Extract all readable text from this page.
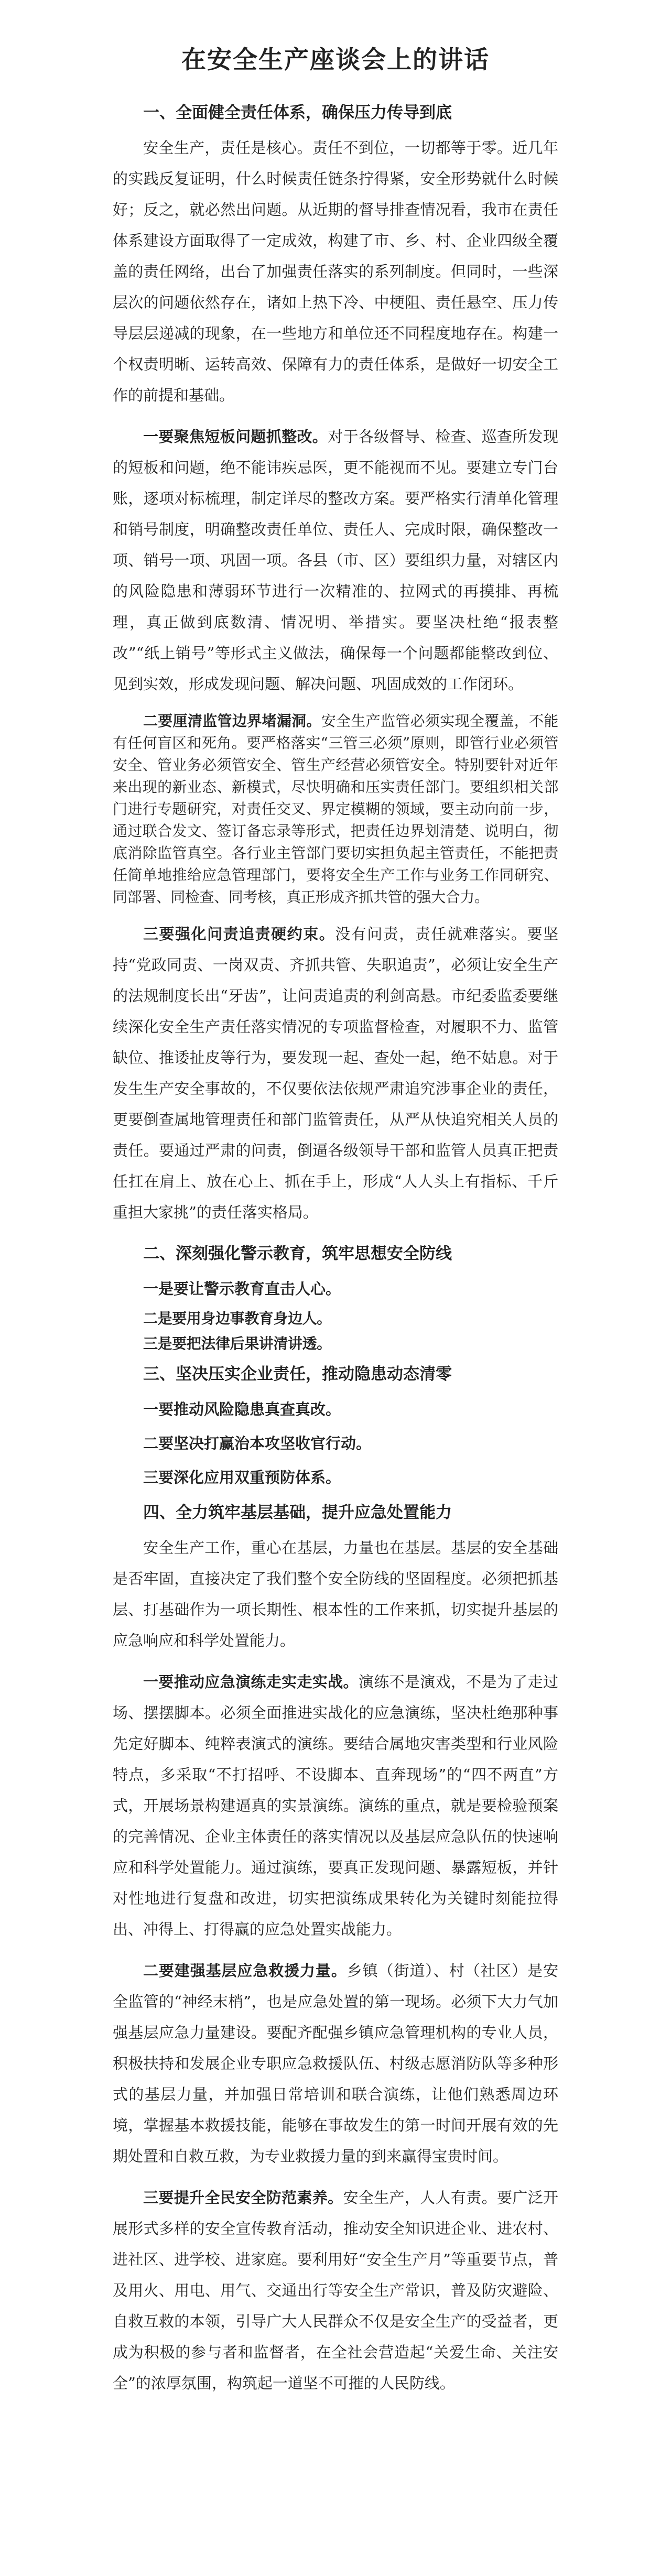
在安全生产座谈会上的讲话
一、全面健全责任体系，确保压力传导到底

安全生产，责任是核心。责任不到位，一切都等于零。近几年的实践反复证明，什么时候责任链条拧得紧，安全形势就什么时候好；反之，就必然出问题。从近期的督导排查情况看，我市在责任体系建设方面取得了一定成效，构建了市、乡、村、企业四级全覆盖的责任网络，出台了加强责任落实的系列制度。但同时，一些深层次的问题依然存在，诸如上热下冷、中梗阻、责任悬空、压力传导层层递减的现象，在一些地方和单位还不同程度地存在。构建一个权责明晰、运转高效、保障有力的责任体系，是做好一切安全工作的前提和基础。

一要聚焦短板问题抓整改。对于各级督导、检查、巡查所发现的短板和问题，绝不能讳疾忌医，更不能视而不见。要建立专门台账，逐项对标梳理，制定详尽的整改方案。要严格实行清单化管理和销号制度，明确整改责任单位、责任人、完成时限，确保整改一项、销号一项、巩固一项。各县（市、区）要组织力量，对辖区内的风险隐患和薄弱环节进行一次精准的、拉网式的再摸排、再梳理，真正做到底数清、情况明、举措实。要坚决杜绝“报表整改”“纸上销号”等形式主义做法，确保每一个问题都能整改到位、见到实效，形成发现问题、解决问题、巩固成效的工作闭环。

二要厘清监管边界堵漏洞。安全生产监管必须实现全覆盖，不能有任何盲区和死角。要严格落实“三管三必须”原则，即管行业必须管安全、管业务必须管安全、管生产经营必须管安全。特别要针对近年来出现的新业态、新模式，尽快明确和压实责任部门。要组织相关部门进行专题研究，对责任交叉、界定模糊的领域，要主动向前一步，通过联合发文、签订备忘录等形式，把责任边界划清楚、说明白，彻底消除监管真空。各行业主管部门要切实担负起主管责任，不能把责任简单地推给应急管理部门，要将安全生产工作与业务工作同研究、同部署、同检查、同考核，真正形成齐抓共管的强大合力。

三要强化问责追责硬约束。没有问责，责任就难落实。要坚持“党政同责、一岗双责、齐抓共管、失职追责”，必须让安全生产的法规制度长出“牙齿”，让问责追责的利剑高悬。市纪委监委要继续深化安全生产责任落实情况的专项监督检查，对履职不力、监管缺位、推诿扯皮等行为，要发现一起、查处一起，绝不姑息。对于发生生产安全事故的，不仅要依法依规严肃追究涉事企业的责任，更要倒查属地管理责任和部门监管责任，从严从快追究相关人员的责任。要通过严肃的问责，倒逼各级领导干部和监管人员真正把责任扛在肩上、放在心上、抓在手上，形成“人人头上有指标、千斤重担大家挑”的责任落实格局。

二、深刻强化警示教育，筑牢思想安全防线

一是要让警示教育直击人心。

二是要用身边事教育身边人。

三是要把法律后果讲清讲透。

三、坚决压实企业责任，推动隐患动态清零

一要推动风险隐患真查真改。

二要坚决打赢治本攻坚收官行动。

三要深化应用双重预防体系。

四、全力筑牢基层基础，提升应急处置能力

安全生产工作，重心在基层，力量也在基层。基层的安全基础是否牢固，直接决定了我们整个安全防线的坚固程度。必须把抓基层、打基础作为一项长期性、根本性的工作来抓，切实提升基层的应急响应和科学处置能力。

一要推动应急演练走实走实战。演练不是演戏，不是为了走过场、摆摆脚本。必须全面推进实战化的应急演练，坚决杜绝那种事先定好脚本、纯粹表演式的演练。要结合属地灾害类型和行业风险特点，多采取“不打招呼、不设脚本、直奔现场”的“四不两直”方式，开展场景构建逼真的实景演练。演练的重点，就是要检验预案的完善情况、企业主体责任的落实情况以及基层应急队伍的快速响应和科学处置能力。通过演练，要真正发现问题、暴露短板，并针对性地进行复盘和改进，切实把演练成果转化为关键时刻能拉得出、冲得上、打得赢的应急处置实战能力。

二要建强基层应急救援力量。乡镇（街道）、村（社区）是安全监管的“神经末梢”，也是应急处置的第一现场。必须下大力气加强基层应急力量建设。要配齐配强乡镇应急管理机构的专业人员，积极扶持和发展企业专职应急救援队伍、村级志愿消防队等多种形式的基层力量，并加强日常培训和联合演练，让他们熟悉周边环境，掌握基本救援技能，能够在事故发生的第一时间开展有效的先期处置和自救互救，为专业救援力量的到来赢得宝贵时间。

三要提升全民安全防范素养。安全生产，人人有责。要广泛开展形式多样的安全宣传教育活动，推动安全知识进企业、进农村、进社区、进学校、进家庭。要利用好“安全生产月”等重要节点，普及用火、用电、用气、交通出行等安全生产常识，普及防灾避险、自救互救的本领，引导广大人民群众不仅是安全生产的受益者，更成为积极的参与者和监督者，在全社会营造起“关爱生命、关注安全”的浓厚氛围，构筑起一道坚不可摧的人民防线。
